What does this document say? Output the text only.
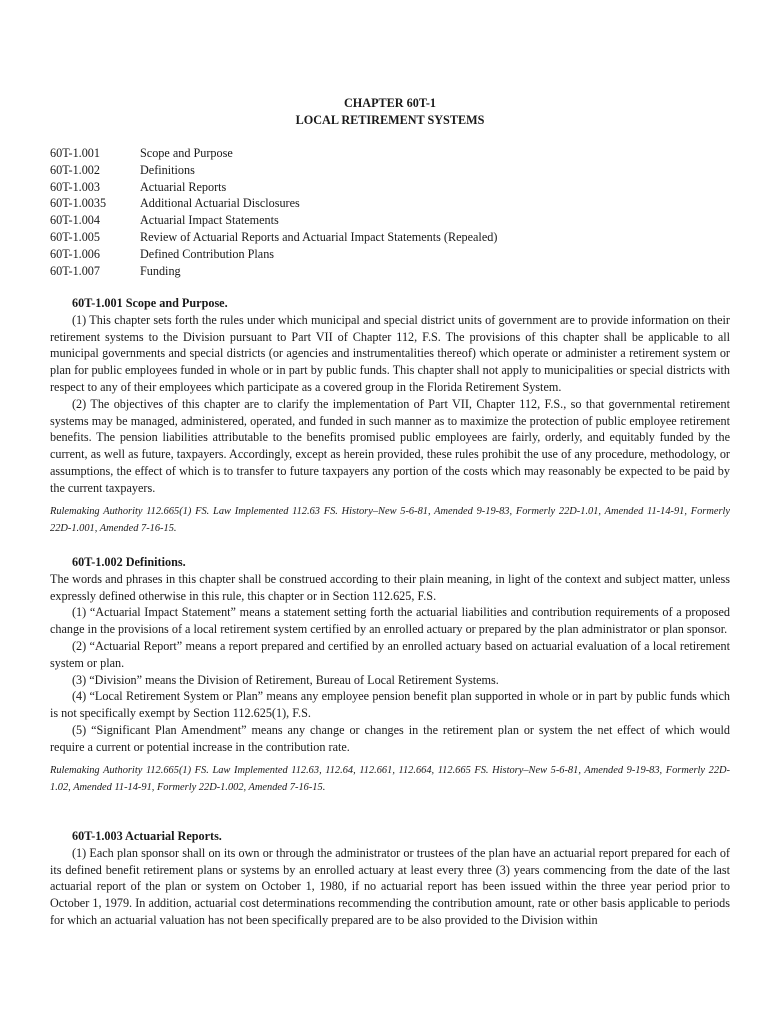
CHAPTER 60T-1
LOCAL RETIREMENT SYSTEMS
60T-1.001	Scope and Purpose
60T-1.002	Definitions
60T-1.003	Actuarial Reports
60T-1.0035	Additional Actuarial Disclosures
60T-1.004	Actuarial Impact Statements
60T-1.005	Review of Actuarial Reports and Actuarial Impact Statements (Repealed)
60T-1.006	Defined Contribution Plans
60T-1.007	Funding
60T-1.001 Scope and Purpose.
(1) This chapter sets forth the rules under which municipal and special district units of government are to provide information on their retirement systems to the Division pursuant to Part VII of Chapter 112, F.S. The provisions of this chapter shall be applicable to all municipal governments and special districts (or agencies and instrumentalities thereof) which operate or administer a retirement system or plan for public employees funded in whole or in part by public funds. This chapter shall not apply to municipalities or special districts with respect to any of their employees which participate as a covered group in the Florida Retirement System.
(2) The objectives of this chapter are to clarify the implementation of Part VII, Chapter 112, F.S., so that governmental retirement systems may be managed, administered, operated, and funded in such manner as to maximize the protection of public employee retirement benefits. The pension liabilities attributable to the benefits promised public employees are fairly, orderly, and equitably funded by the current, as well as future, taxpayers. Accordingly, except as herein provided, these rules prohibit the use of any procedure, methodology, or assumptions, the effect of which is to transfer to future taxpayers any portion of the costs which may reasonably be expected to be paid by the current taxpayers.
Rulemaking Authority 112.665(1) FS. Law Implemented 112.63 FS. History–New 5-6-81, Amended 9-19-83, Formerly 22D-1.01, Amended 11-14-91, Formerly 22D-1.001, Amended 7-16-15.
60T-1.002 Definitions.
The words and phrases in this chapter shall be construed according to their plain meaning, in light of the context and subject matter, unless expressly defined otherwise in this rule, this chapter or in Section 112.625, F.S.
(1) “Actuarial Impact Statement” means a statement setting forth the actuarial liabilities and contribution requirements of a proposed change in the provisions of a local retirement system certified by an enrolled actuary or prepared by the plan administrator or plan sponsor.
(2) “Actuarial Report” means a report prepared and certified by an enrolled actuary based on actuarial evaluation of a local retirement system or plan.
(3) “Division” means the Division of Retirement, Bureau of Local Retirement Systems.
(4) “Local Retirement System or Plan” means any employee pension benefit plan supported in whole or in part by public funds which is not specifically exempt by Section 112.625(1), F.S.
(5) “Significant Plan Amendment” means any change or changes in the retirement plan or system the net effect of which would require a current or potential increase in the contribution rate.
Rulemaking Authority 112.665(1) FS. Law Implemented 112.63, 112.64, 112.661, 112.664, 112.665 FS. History–New 5-6-81, Amended 9-19-83, Formerly 22D-1.02, Amended 11-14-91, Formerly 22D-1.002, Amended 7-16-15.
60T-1.003 Actuarial Reports.
(1) Each plan sponsor shall on its own or through the administrator or trustees of the plan have an actuarial report prepared for each of its defined benefit retirement plans or systems by an enrolled actuary at least every three (3) years commencing from the date of the last actuarial report of the plan or system on October 1, 1980, if no actuarial report has been issued within the three year period prior to October 1, 1979. In addition, actuarial cost determinations recommending the contribution amount, rate or other basis applicable to periods for which an actuarial valuation has not been specifically prepared are to be also provided to the Division within
